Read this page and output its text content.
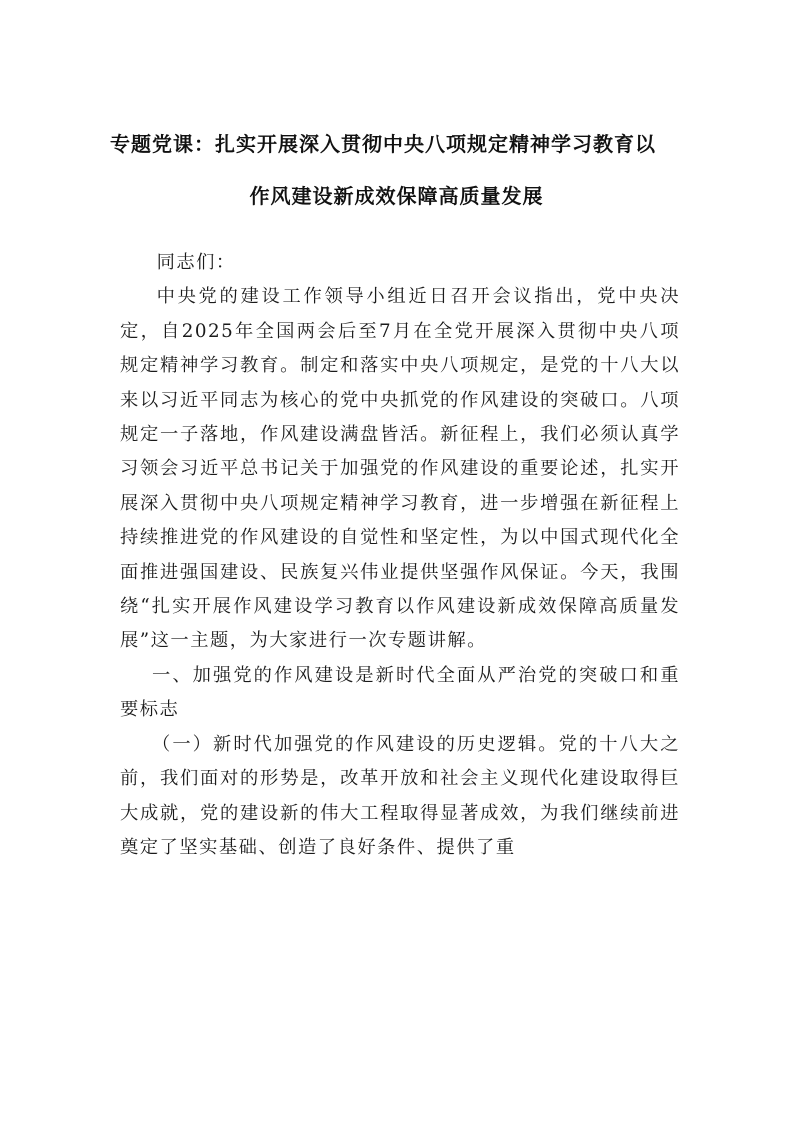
专题党课：扎实开展深入贯彻中央八项规定精神学习教育以
作风建设新成效保障高质量发展

同志们：

中央党的建设工作领导小组近日召开会议指出，党中央决定，自2025年全国两会后至7月在全党开展深入贯彻中央八项规定精神学习教育。制定和落实中央八项规定，是党的十八大以来以习近平同志为核心的党中央抓党的作风建设的突破口。八项规定一子落地，作风建设满盘皆活。新征程上，我们必须认真学习领会习近平总书记关于加强党的作风建设的重要论述，扎实开展深入贯彻中央八项规定精神学习教育，进一步增强在新征程上持续推进党的作风建设的自觉性和坚定性，为以中国式现代化全面推进强国建设、民族复兴伟业提供坚强作风保证。今天，我围绕“扎实开展作风建设学习教育以作风建设新成效保障高质量发展”这一主题，为大家进行一次专题讲解。

一、加强党的作风建设是新时代全面从严治党的突破口和重要标志

（一）新时代加强党的作风建设的历史逻辑。党的十八大之前，我们面对的形势是，改革开放和社会主义现代化建设取得巨大成就，党的建设新的伟大工程取得显著成效，为我们继续前进奠定了坚实基础、创造了良好条件、提供了重
